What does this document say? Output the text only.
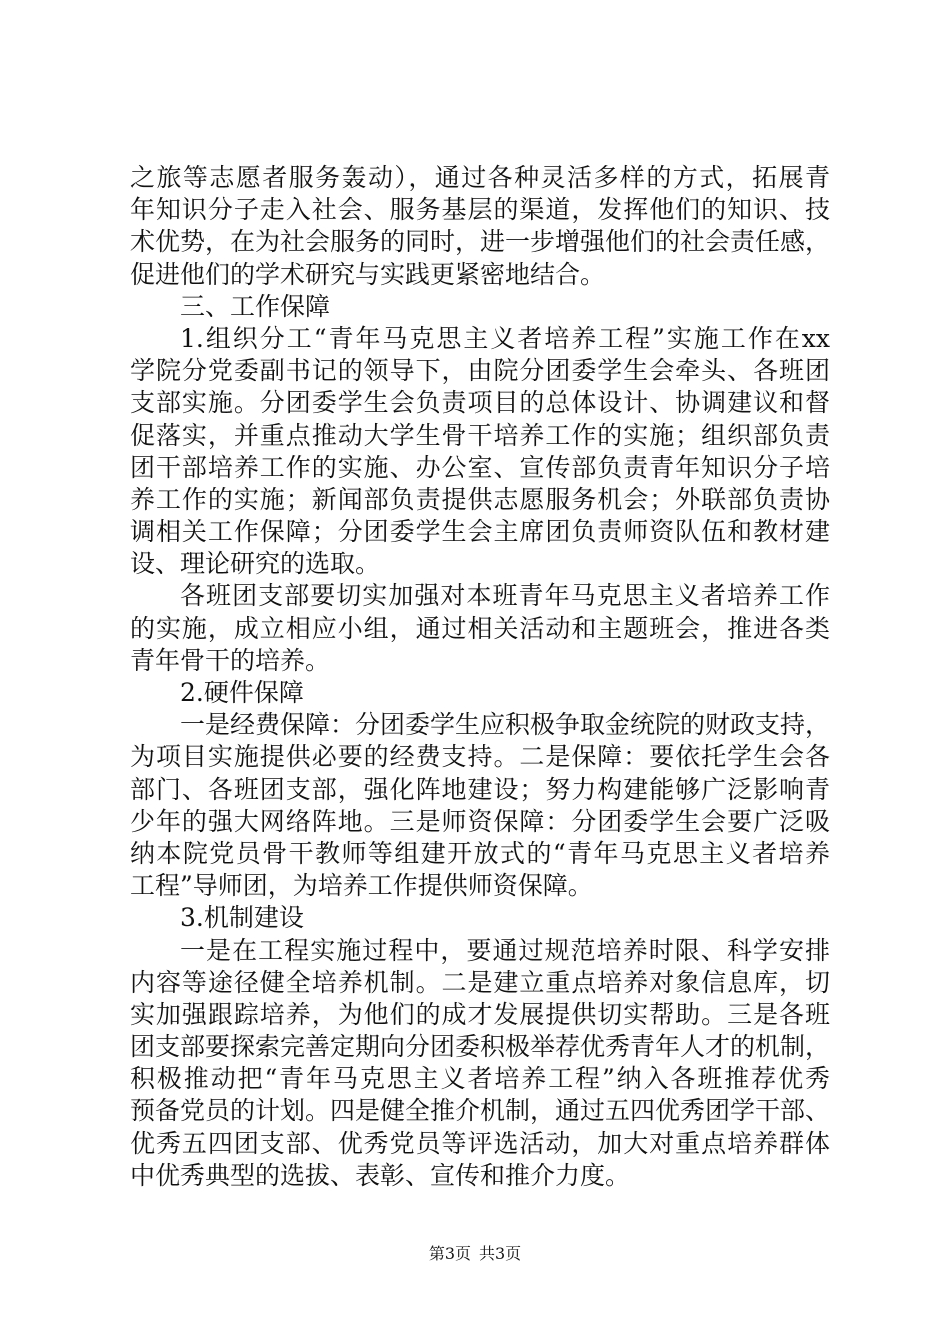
之旅等志愿者服务轰动），通过各种灵活多样的方式，拓展青
年知识分子走入社会、服务基层的渠道，发挥他们的知识、技
术优势，在为社会服务的同时，进一步增强他们的社会责任感，
促进他们的学术研究与实践更紧密地结合。
三、工作保障
1.组织分工“青年马克思主义者培养工程”实施工作在xx
学院分党委副书记的领导下，由院分团委学生会牵头、各班团
支部实施。分团委学生会负责项目的总体设计、协调建议和督
促落实，并重点推动大学生骨干培养工作的实施；组织部负责
团干部培养工作的实施、办公室、宣传部负责青年知识分子培
养工作的实施；新闻部负责提供志愿服务机会；外联部负责协
调相关工作保障；分团委学生会主席团负责师资队伍和教材建
设、理论研究的选取。
各班团支部要切实加强对本班青年马克思主义者培养工作
的实施，成立相应小组，通过相关活动和主题班会，推进各类
青年骨干的培养。
2.硬件保障
一是经费保障：分团委学生应积极争取金统院的财政支持，
为项目实施提供必要的经费支持。二是保障：要依托学生会各
部门、各班团支部，强化阵地建设；努力构建能够广泛影响青
少年的强大网络阵地。三是师资保障：分团委学生会要广泛吸
纳本院党员骨干教师等组建开放式的“青年马克思主义者培养
工程”导师团，为培养工作提供师资保障。
3.机制建设
一是在工程实施过程中，要通过规范培养时限、科学安排
内容等途径健全培养机制。二是建立重点培养对象信息库，切
实加强跟踪培养，为他们的成才发展提供切实帮助。三是各班
团支部要探索完善定期向分团委积极举荐优秀青年人才的机制，
积极推动把“青年马克思主义者培养工程”纳入各班推荐优秀
预备党员的计划。四是健全推介机制，通过五四优秀团学干部、
优秀五四团支部、优秀党员等评选活动，加大对重点培养群体
中优秀典型的选拔、表彰、宣传和推介力度。
第3页 共3页
